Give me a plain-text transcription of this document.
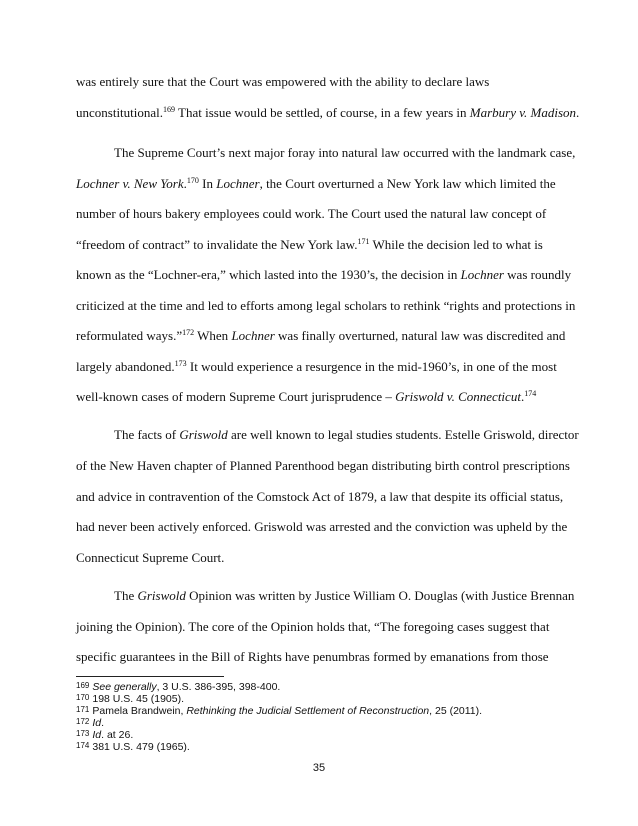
was entirely sure that the Court was empowered with the ability to declare laws
unconstitutional.$^{169}$ That issue would be settled, of course, in a few years in Marbury v. Madison.
The Supreme Court’s next major foray into natural law occurred with the landmark case,
Lochner v. New York.$^{170}$ In Lochner, the Court overturned a New York law which limited the
number of hours bakery employees could work. The Court used the natural law concept of
“freedom of contract” to invalidate the New York law.$^{171}$ While the decision led to what is
known as the “Lochner-era,” which lasted into the 1930’s, the decision in Lochner was roundly
criticized at the time and led to efforts among legal scholars to rethink “rights and protections in
reformulated ways.”$^{172}$ When Lochner was finally overturned, natural law was discredited and
largely abandoned.$^{173}$ It would experience a resurgence in the mid-1960’s, in one of the most
well-known cases of modern Supreme Court jurisprudence – Griswold v. Connecticut.$^{174}$
The facts of Griswold are well known to legal studies students. Estelle Griswold, director
of the New Haven chapter of Planned Parenthood began distributing birth control prescriptions
and advice in contravention of the Comstock Act of 1879, a law that despite its official status,
had never been actively enforced. Griswold was arrested and the conviction was upheld by the
Connecticut Supreme Court.
The Griswold Opinion was written by Justice William O. Douglas (with Justice Brennan
joining the Opinion). The core of the Opinion holds that, “The foregoing cases suggest that
specific guarantees in the Bill of Rights have penumbras formed by emanations from those
169 See generally, 3 U.S. 386-395, 398-400.
170 198 U.S. 45 (1905).
171 Pamela Brandwein, Rethinking the Judicial Settlement of Reconstruction, 25 (2011).
172 Id.
173 Id. at 26.
174 381 U.S. 479 (1965).
35
